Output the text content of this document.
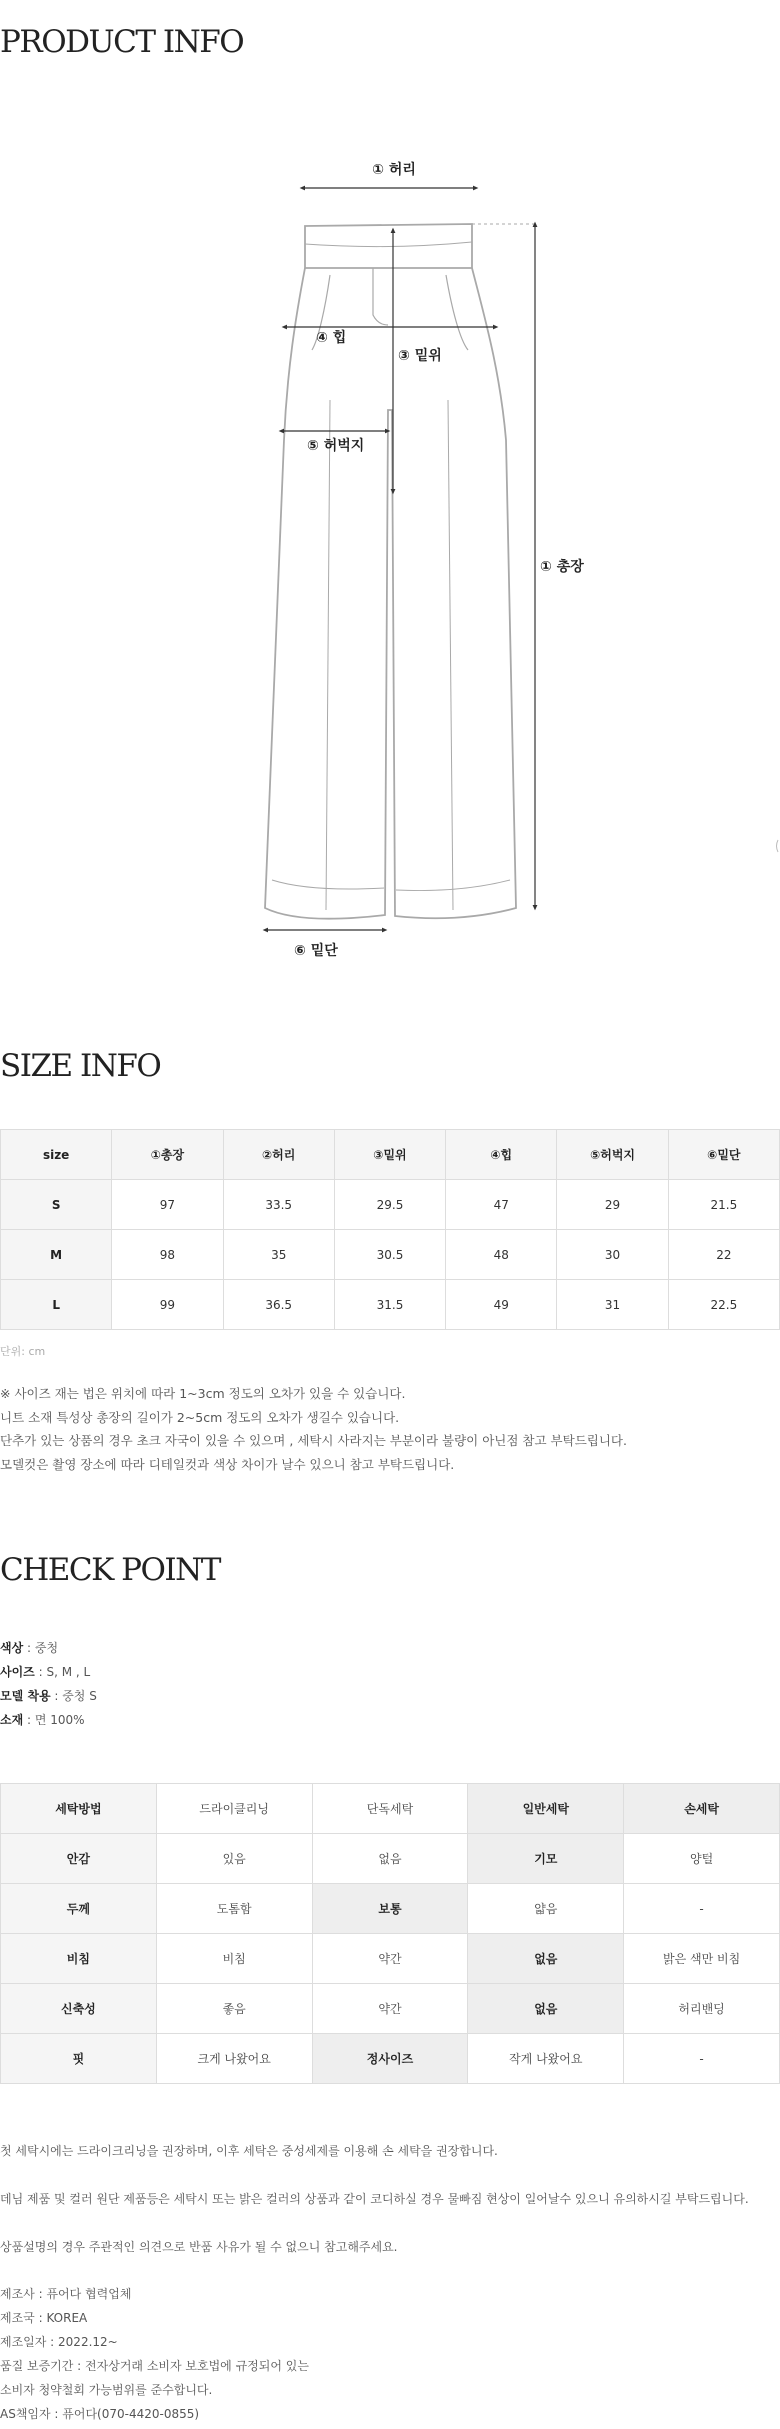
PRODUCT INFO
① 허리
④ 힙
③ 밑위
⑤ 허벅지
① 총장
⑥ 밑단
SIZE INFO
size	①총장	②허리	③밑위	④힙	⑤허벅지	⑥밑단
S	97	33.5	29.5	47	29	21.5
M	98	35	30.5	48	30	22
L	99	36.5	31.5	49	31	22.5
단위: cm
※ 사이즈 재는 법은 위치에 따라 1~3cm 정도의 오차가 있을 수 있습니다.
니트 소재 특성상 총장의 길이가 2~5cm 정도의 오차가 생길수 있습니다.
단추가 있는 상품의 경우 초크 자국이 있을 수 있으며 , 세탁시 사라지는 부분이라 불량이 아닌점 참고 부탁드립니다.
모델컷은 촬영 장소에 따라 디테일컷과 색상 차이가 날수 있으니 참고 부탁드립니다.
CHECK POINT
색상 : 중청
사이즈 : S, M , L
모델 착용 : 중청 S
소재 : 면 100%
세탁방법	드라이클리닝	단독세탁	일반세탁	손세탁
안감	있음	없음	기모	양털
두께	도톰함	보통	얇음	-
비침	비침	약간	없음	밝은 색만 비침
신축성	좋음	약간	없음	허리밴딩
핏	크게 나왔어요	정사이즈	작게 나왔어요	-
첫 세탁시에는 드라이크리닝을 권장하며, 이후 세탁은 중성세제를 이용해 손 세탁을 권장합니다.
데님 제품 및 컬러 원단 제품등은 세탁시 또는 밝은 컬러의 상품과 같이 코디하실 경우 물빠짐 현상이 일어날수 있으니 유의하시길 부탁드립니다.
상품설명의 경우 주관적인 의견으로 반품 사유가 될 수 없으니 참고해주세요.
제조사 : 퓨어다 협력업체
제조국 : KOREA
제조일자 : 2022.12~
품질 보증기간 : 전자상거래 소비자 보호법에 규정되어 있는
소비자 청약철회 가능범위를 준수합니다.
AS책임자 : 퓨어다(070-4420-0855)
